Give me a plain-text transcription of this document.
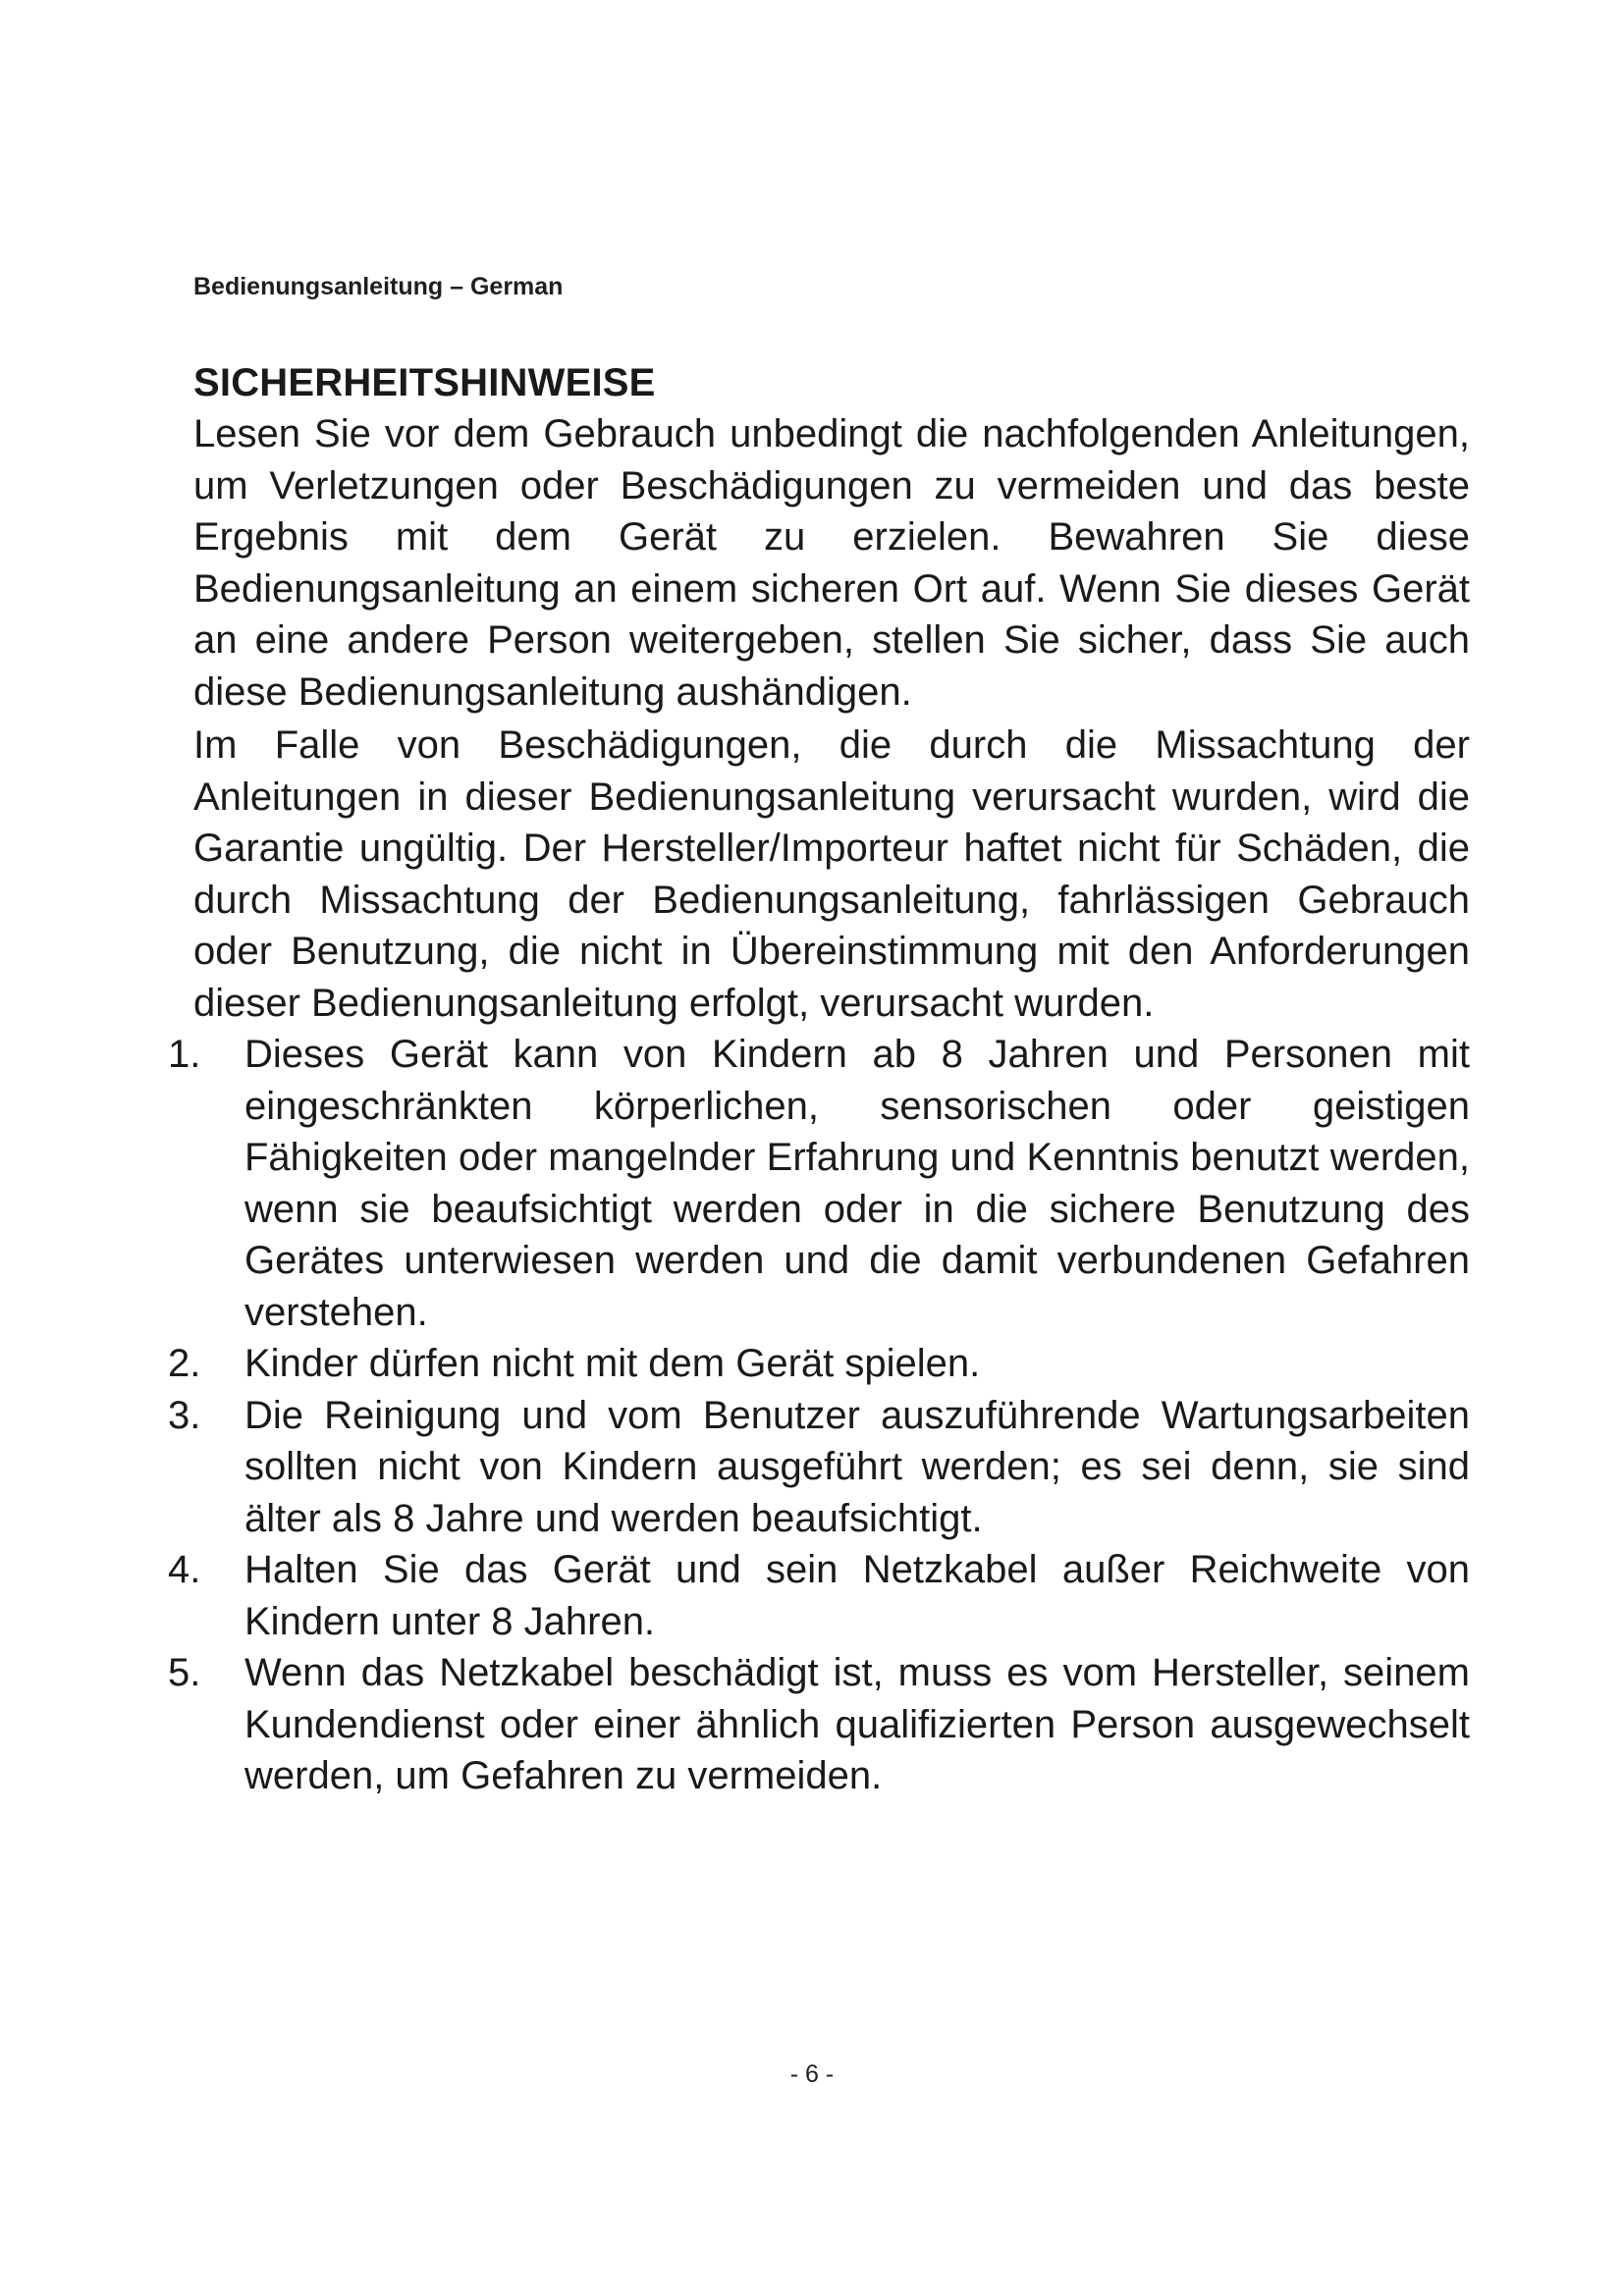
Bedienungsanleitung – German
SICHERHEITSHINWEISE

Lesen Sie vor dem Gebrauch unbedingt die nachfolgenden Anleitungen, um Verletzungen oder Beschädigungen zu vermeiden und das beste Ergebnis mit dem Gerät zu erzielen. Bewahren Sie diese Bedienungsanleitung an einem sicheren Ort auf. Wenn Sie dieses Gerät an eine andere Person weitergeben, stellen Sie sicher, dass Sie auch diese Bedienungsanleitung aushändigen.

Im Falle von Beschädigungen, die durch die Missachtung der Anleitungen in dieser Bedienungsanleitung verursacht wurden, wird die Garantie ungültig. Der Hersteller/Importeur haftet nicht für Schäden, die durch Missachtung der Bedienungsanleitung, fahrlässigen Gebrauch oder Benutzung, die nicht in Übereinstimmung mit den Anforderungen dieser Bedienungsanleitung erfolgt, verursacht wurden.

1.	Dieses Gerät kann von Kindern ab 8 Jahren und Personen mit eingeschränkten körperlichen, sensorischen oder geistigen Fähigkeiten oder mangelnder Erfahrung und Kenntnis benutzt werden, wenn sie beaufsichtigt werden oder in die sichere Benutzung des Gerätes unterwiesen werden und die damit verbundenen Gefahren verstehen.
2.	Kinder dürfen nicht mit dem Gerät spielen.
3.	Die Reinigung und vom Benutzer auszuführende Wartungsarbeiten sollten nicht von Kindern ausgeführt werden; es sei denn, sie sind älter als 8 Jahre und werden beaufsichtigt.
4.	Halten Sie das Gerät und sein Netzkabel außer Reichweite von Kindern unter 8 Jahren.
5.	Wenn das Netzkabel beschädigt ist, muss es vom Hersteller, seinem Kundendienst oder einer ähnlich qualifizierten Person ausgewechselt werden, um Gefahren zu vermeiden.
- 6 -
